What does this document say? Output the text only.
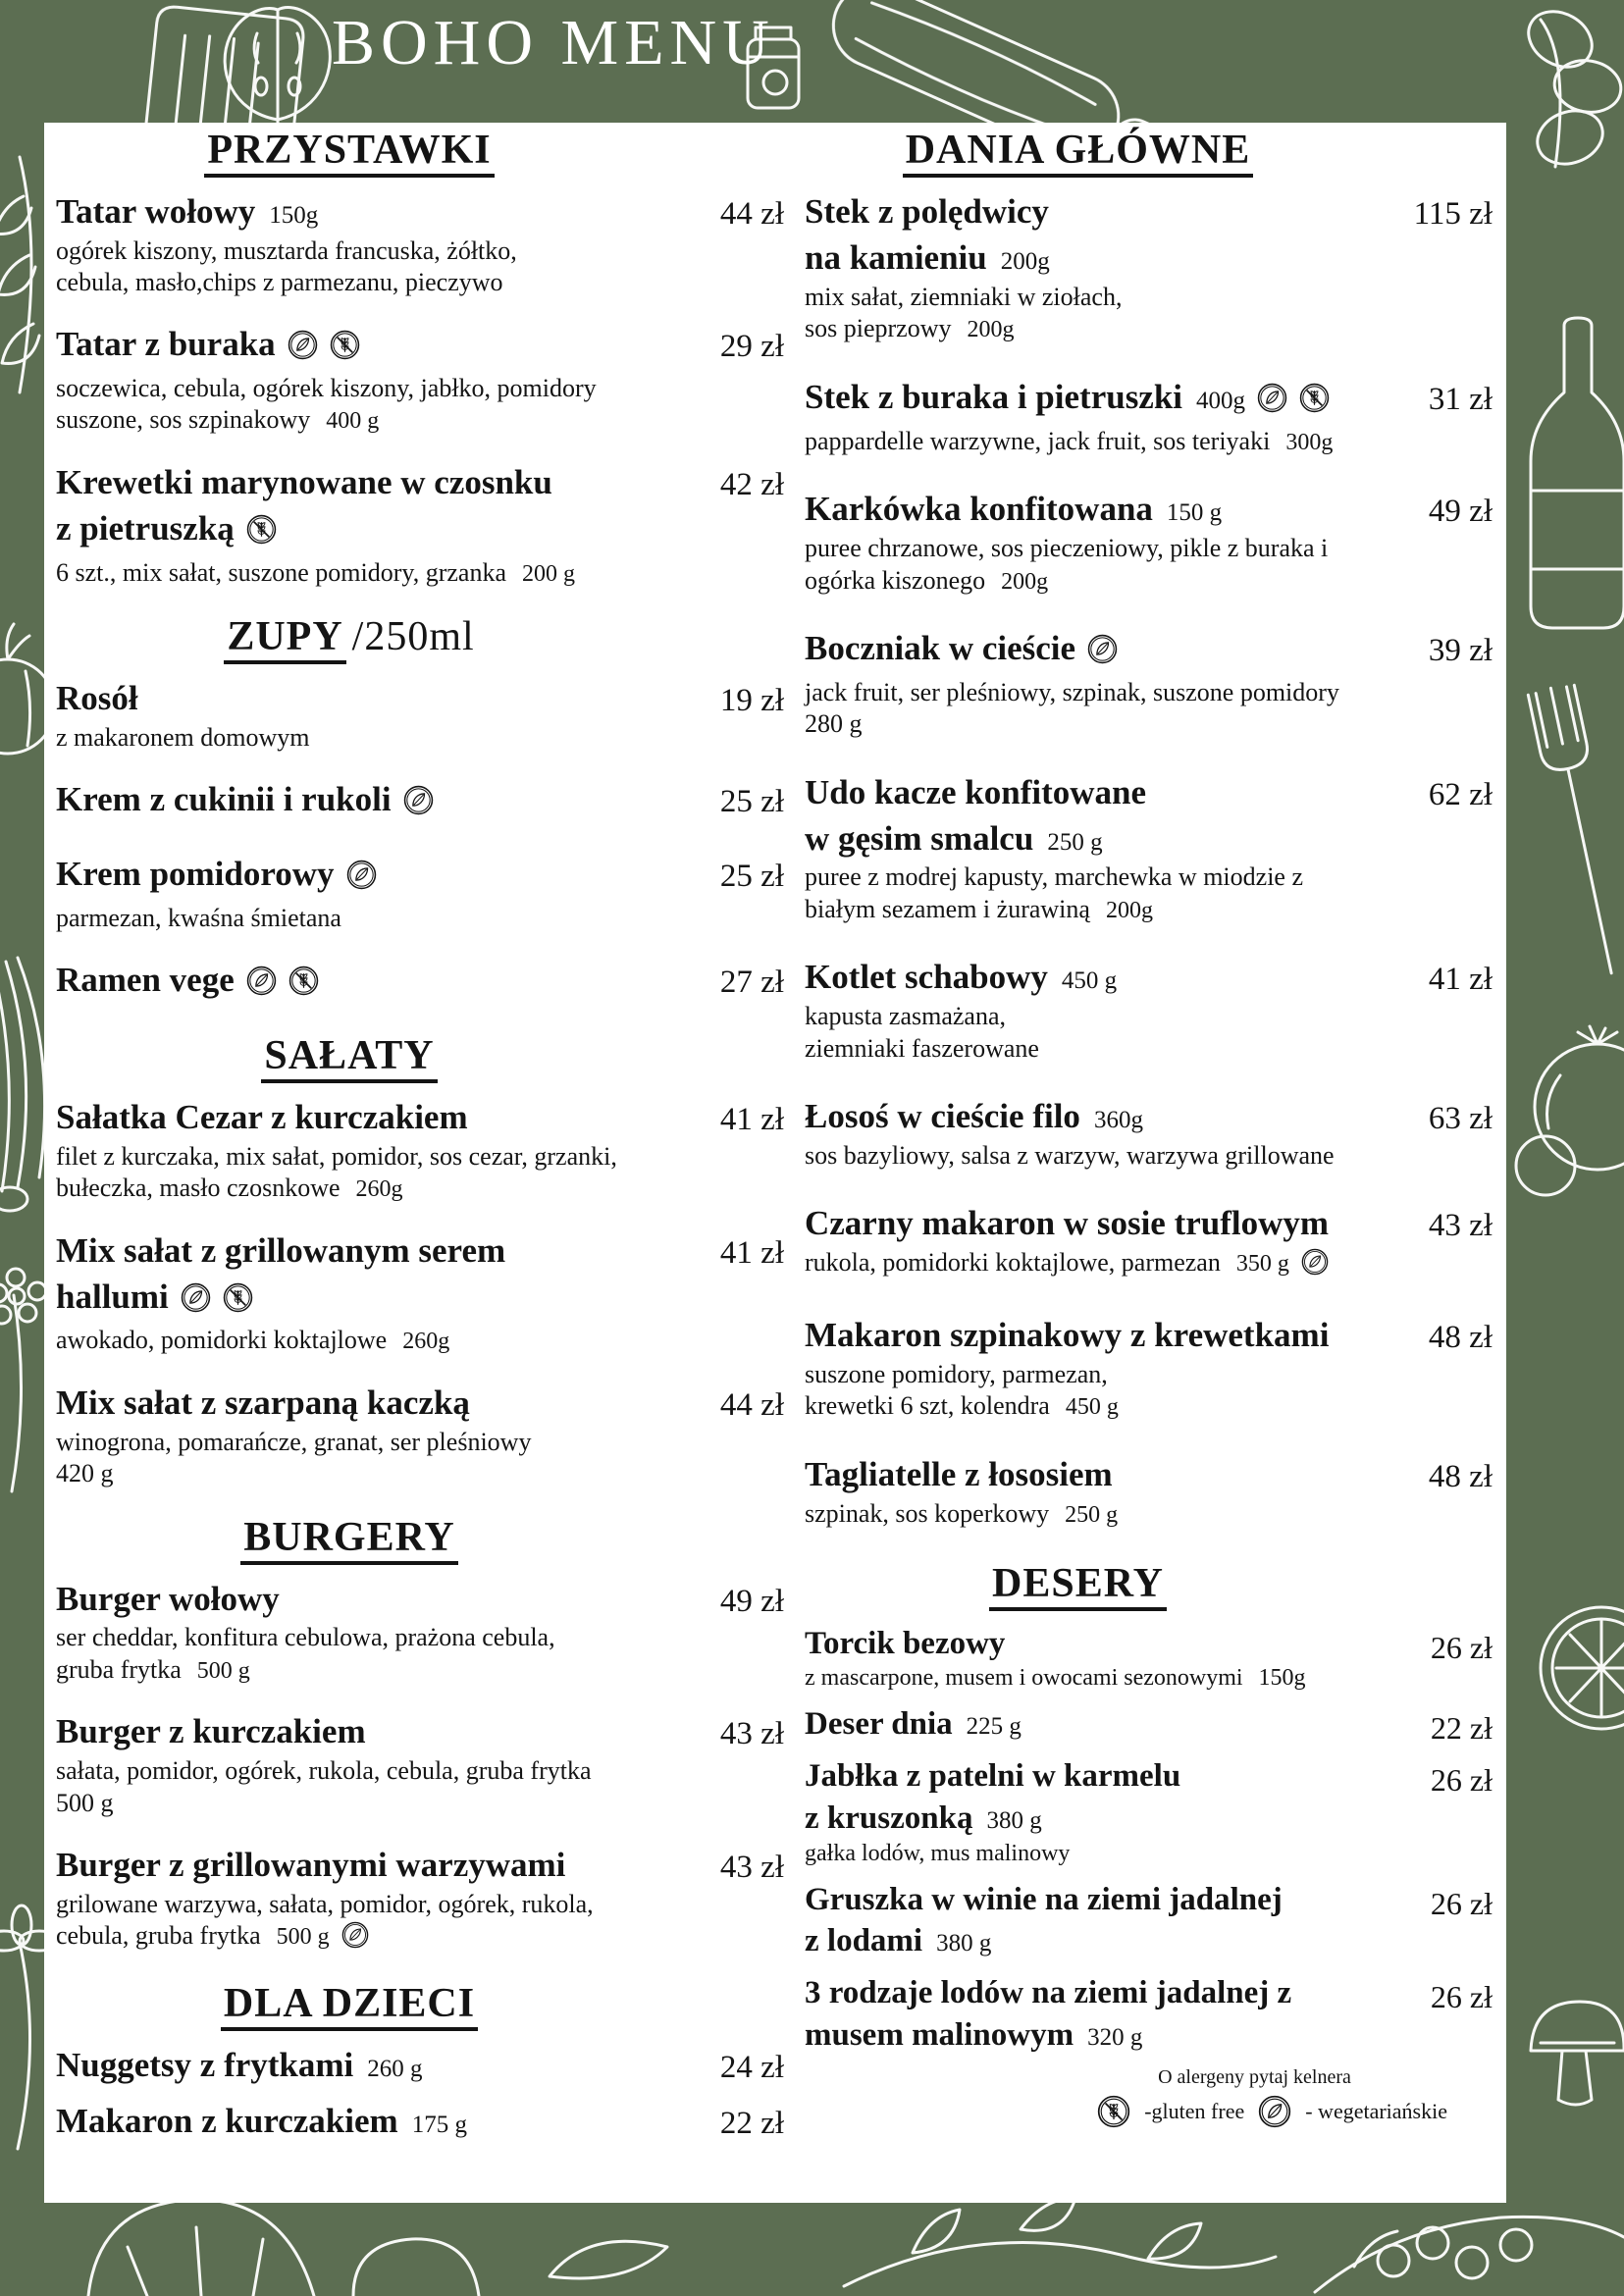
BOHO MENU
PRZYSTAWKI
Tatar wołowy 150g
ogórek kiszony, musztarda francuska, żółtko,
cebula, masło,chips z parmezanu, pieczywo
44 zł
Tatar z buraka
soczewica, cebula, ogórek kiszony, jabłko, pomidory
suszone, sos szpinakowy 400 g
29 zł
Krewetki marynowane w czosnku
z pietruszką
6 szt., mix sałat, suszone pomidory, grzanka 200 g
42 zł
ZUPY /250ml
Rosół
z makaronem domowym
19 zł
Krem z cukinii i rukoli	25 zł
Krem pomidorowy
parmezan, kwaśna śmietana
25 zł
Ramen vege	27 zł
SAŁATY
Sałatka Cezar z kurczakiem
filet z kurczaka, mix sałat, pomidor, sos cezar, grzanki,
bułeczka, masło czosnkowe 260g
41 zł
Mix sałat z grillowanym serem
hallumi
awokado, pomidorki koktajlowe 260g
41 zł
Mix sałat z szarpaną kaczką
winogrona, pomarańcze, granat, ser pleśniowy
420 g
44 zł
BURGERY
Burger wołowy
ser cheddar, konfitura cebulowa, prażona cebula,
gruba frytka 500 g
49 zł
Burger z kurczakiem
sałata, pomidor, ogórek, rukola, cebula, gruba frytka
500 g
43 zł
Burger z grillowanymi warzywami
grilowane warzywa, sałata, pomidor, ogórek, rukola,
cebula, gruba frytka 500 g
43 zł
DLA DZIECI
Nuggetsy z frytkami 260 g	24 zł
Makaron z kurczakiem 175 g	22 zł
DANIA GŁÓWNE
Stek z polędwicy
na kamieniu 200g
mix sałat, ziemniaki w ziołach,
sos pieprzowy 200g
115 zł
Stek z buraka i pietruszki 400g
pappardelle warzywne, jack fruit, sos teriyaki 300g
31 zł
Karkówka konfitowana 150 g
puree chrzanowe, sos pieczeniowy, pikle z buraka i
ogórka kiszonego 200g
49 zł
Boczniak w cieście
jack fruit, ser pleśniowy, szpinak, suszone pomidory
280 g
39 zł
Udo kacze konfitowane
w gęsim smalcu 250 g
puree z modrej kapusty, marchewka w miodzie z
białym sezamem i żurawiną 200g
62 zł
Kotlet schabowy 450 g
kapusta zasmażana,
ziemniaki faszerowane
41 zł
Łosoś w cieście filo 360g
sos bazyliowy, salsa z warzyw, warzywa grillowane
63 zł
Czarny makaron w sosie truflowym
rukola, pomidorki koktajlowe, parmezan 350 g
43 zł
Makaron szpinakowy z krewetkami
suszone pomidory, parmezan,
krewetki 6 szt, kolendra 450 g
48 zł
Tagliatelle z łososiem
szpinak, sos koperkowy 250 g
48 zł
DESERY
Torcik bezowy
z mascarpone, musem i owocami sezonowymi 150g
26 zł
Deser dnia 225 g	22 zł
Jabłka z patelni w karmelu
z kruszonką 380 g
gałka lodów, mus malinowy
26 zł
Gruszka w winie na ziemi jadalnej
z lodami 380 g
26 zł
3 rodzaje lodów na ziemi jadalnej z
musem malinowym 320 g
26 zł
O alergeny pytaj kelnera
-gluten free	- wegetariańskie
